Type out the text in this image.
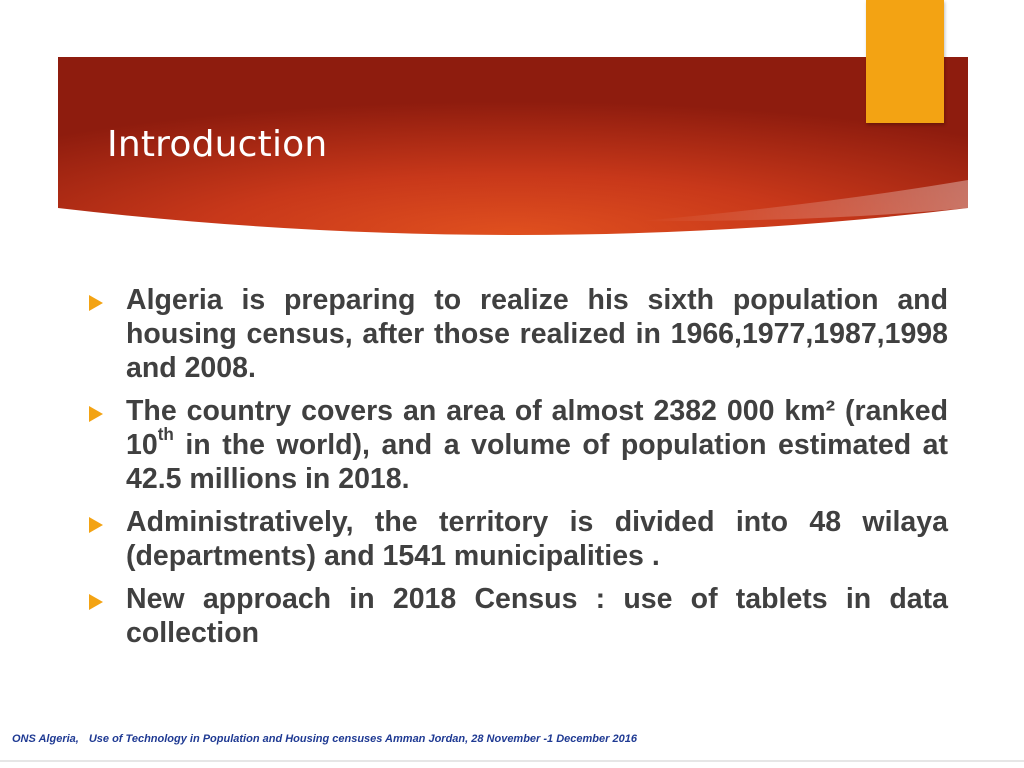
Introduction
Algeria is preparing to realize his sixth population and housing census, after those realized in 1966,1977,1987,1998 and 2008.
The country covers an area of almost 2382 000 km² (ranked 10th in the world), and a volume of population estimated at 42.5 millions in 2018.
Administratively, the territory is divided into 48 wilaya (departments) and 1541 municipalities .
New approach in 2018 Census : use of tablets in data collection
ONS Algeria, Use of Technology in Population and Housing censuses Amman Jordan, 28 November -1 December 2016
